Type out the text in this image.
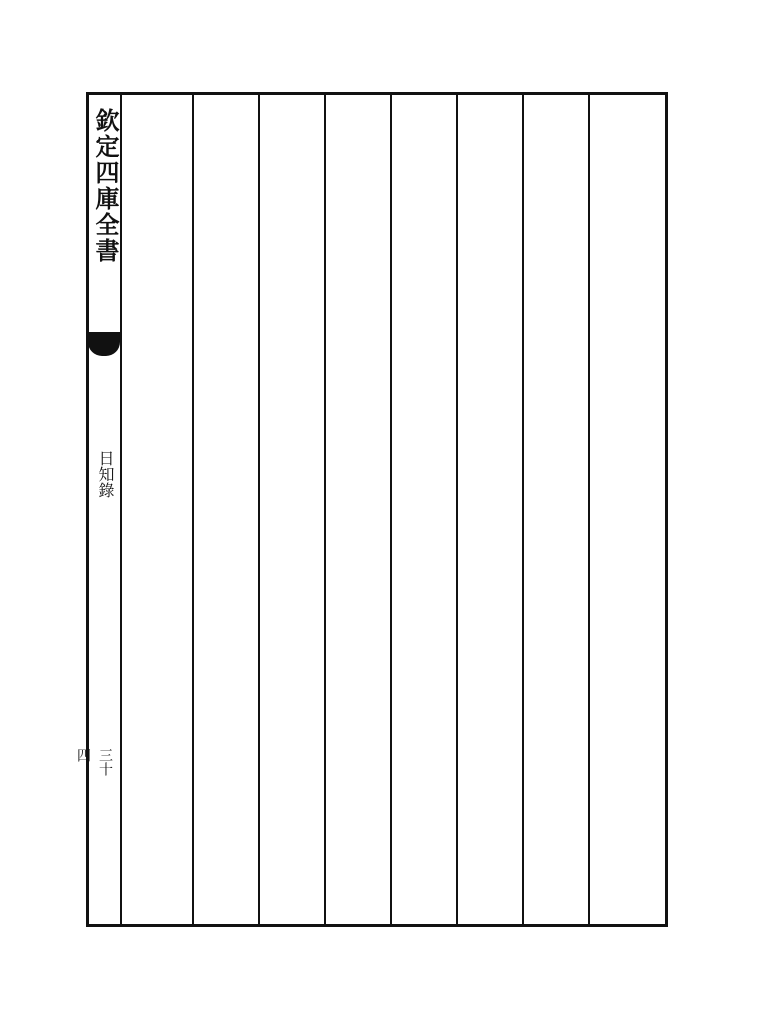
欽定四庫全書
日知錄
三十四
